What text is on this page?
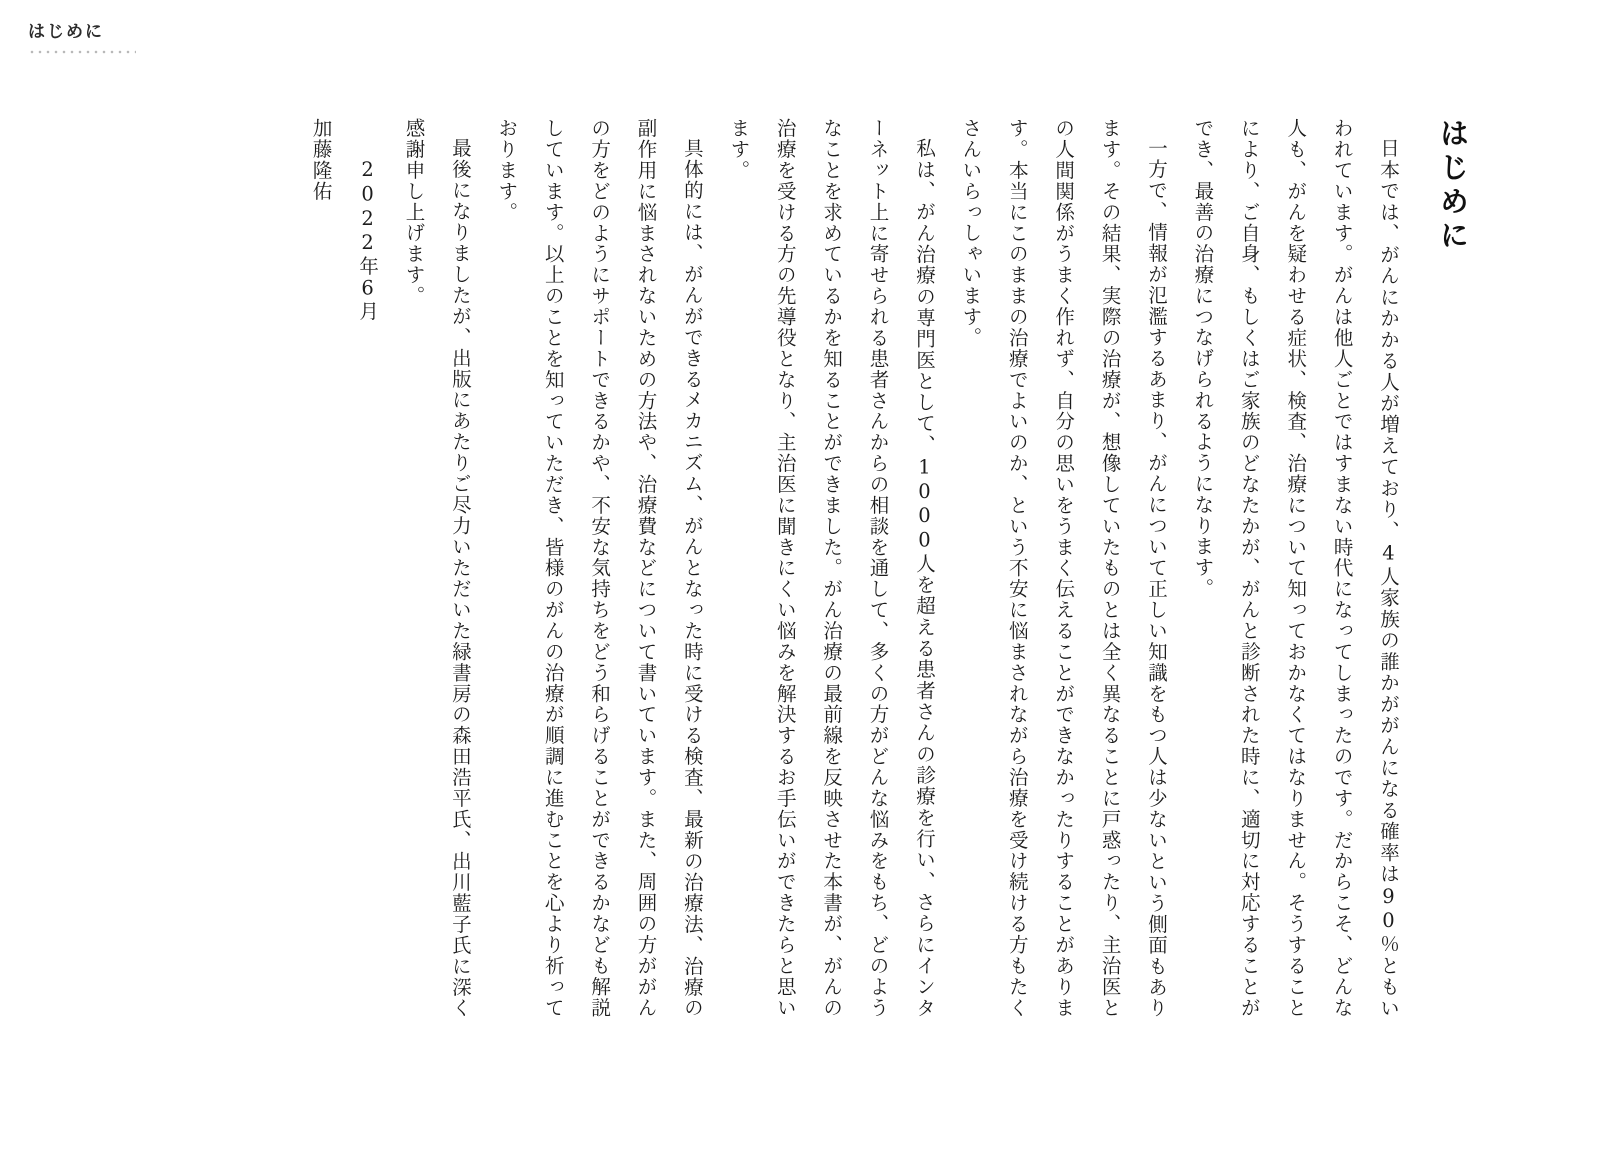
はじめに
はじめに
日本では、がんにかかる人が増えており、4人家族の誰かががんになる確率は90％ともいわれています。がんは他人ごとではすまない時代になってしまったのです。だからこそ、どんな人も、がんを疑わせる症状、検査、治療について知っておかなくてはなりません。そうすることにより、ご自身、もしくはご家族のどなたかが、がんと診断された時に、適切に対応することができ、最善の治療につなげられるようになります。
一方で、情報が氾濫するあまり、がんについて正しい知識をもつ人は少ないという側面もあります。その結果、実際の治療が、想像していたものとは全く異なることに戸惑ったり、主治医との人間関係がうまく作れず、自分の思いをうまく伝えることができなかったりすることがあります。本当にこのままの治療でよいのか、という不安に悩まされながら治療を受け続ける方もたくさんいらっしゃいます。
私は、がん治療の専門医として、1000人を超える患者さんの診療を行い、さらにインターネット上に寄せられる患者さんからの相談を通して、多くの方がどんな悩みをもち、どのようなことを求めているかを知ることができました。がん治療の最前線を反映させた本書が、がんの治療を受ける方の先導役となり、主治医に聞きにくい悩みを解決するお手伝いができたらと思います。
具体的には、がんができるメカニズム、がんとなった時に受ける検査、最新の治療法、治療の副作用に悩まされないための方法や、治療費などについて書いています。また、周囲の方ががんの方をどのようにサポートできるかや、不安な気持ちをどう和らげることができるかなども解説しています。以上のことを知っていただき、皆様のがんの治療が順調に進むことを心より祈っております。
最後になりましたが、出版にあたりご尽力いただいた緑書房の森田浩平氏、出川藍子氏に深く感謝申し上げます。
2022年6月
加藤隆佑
